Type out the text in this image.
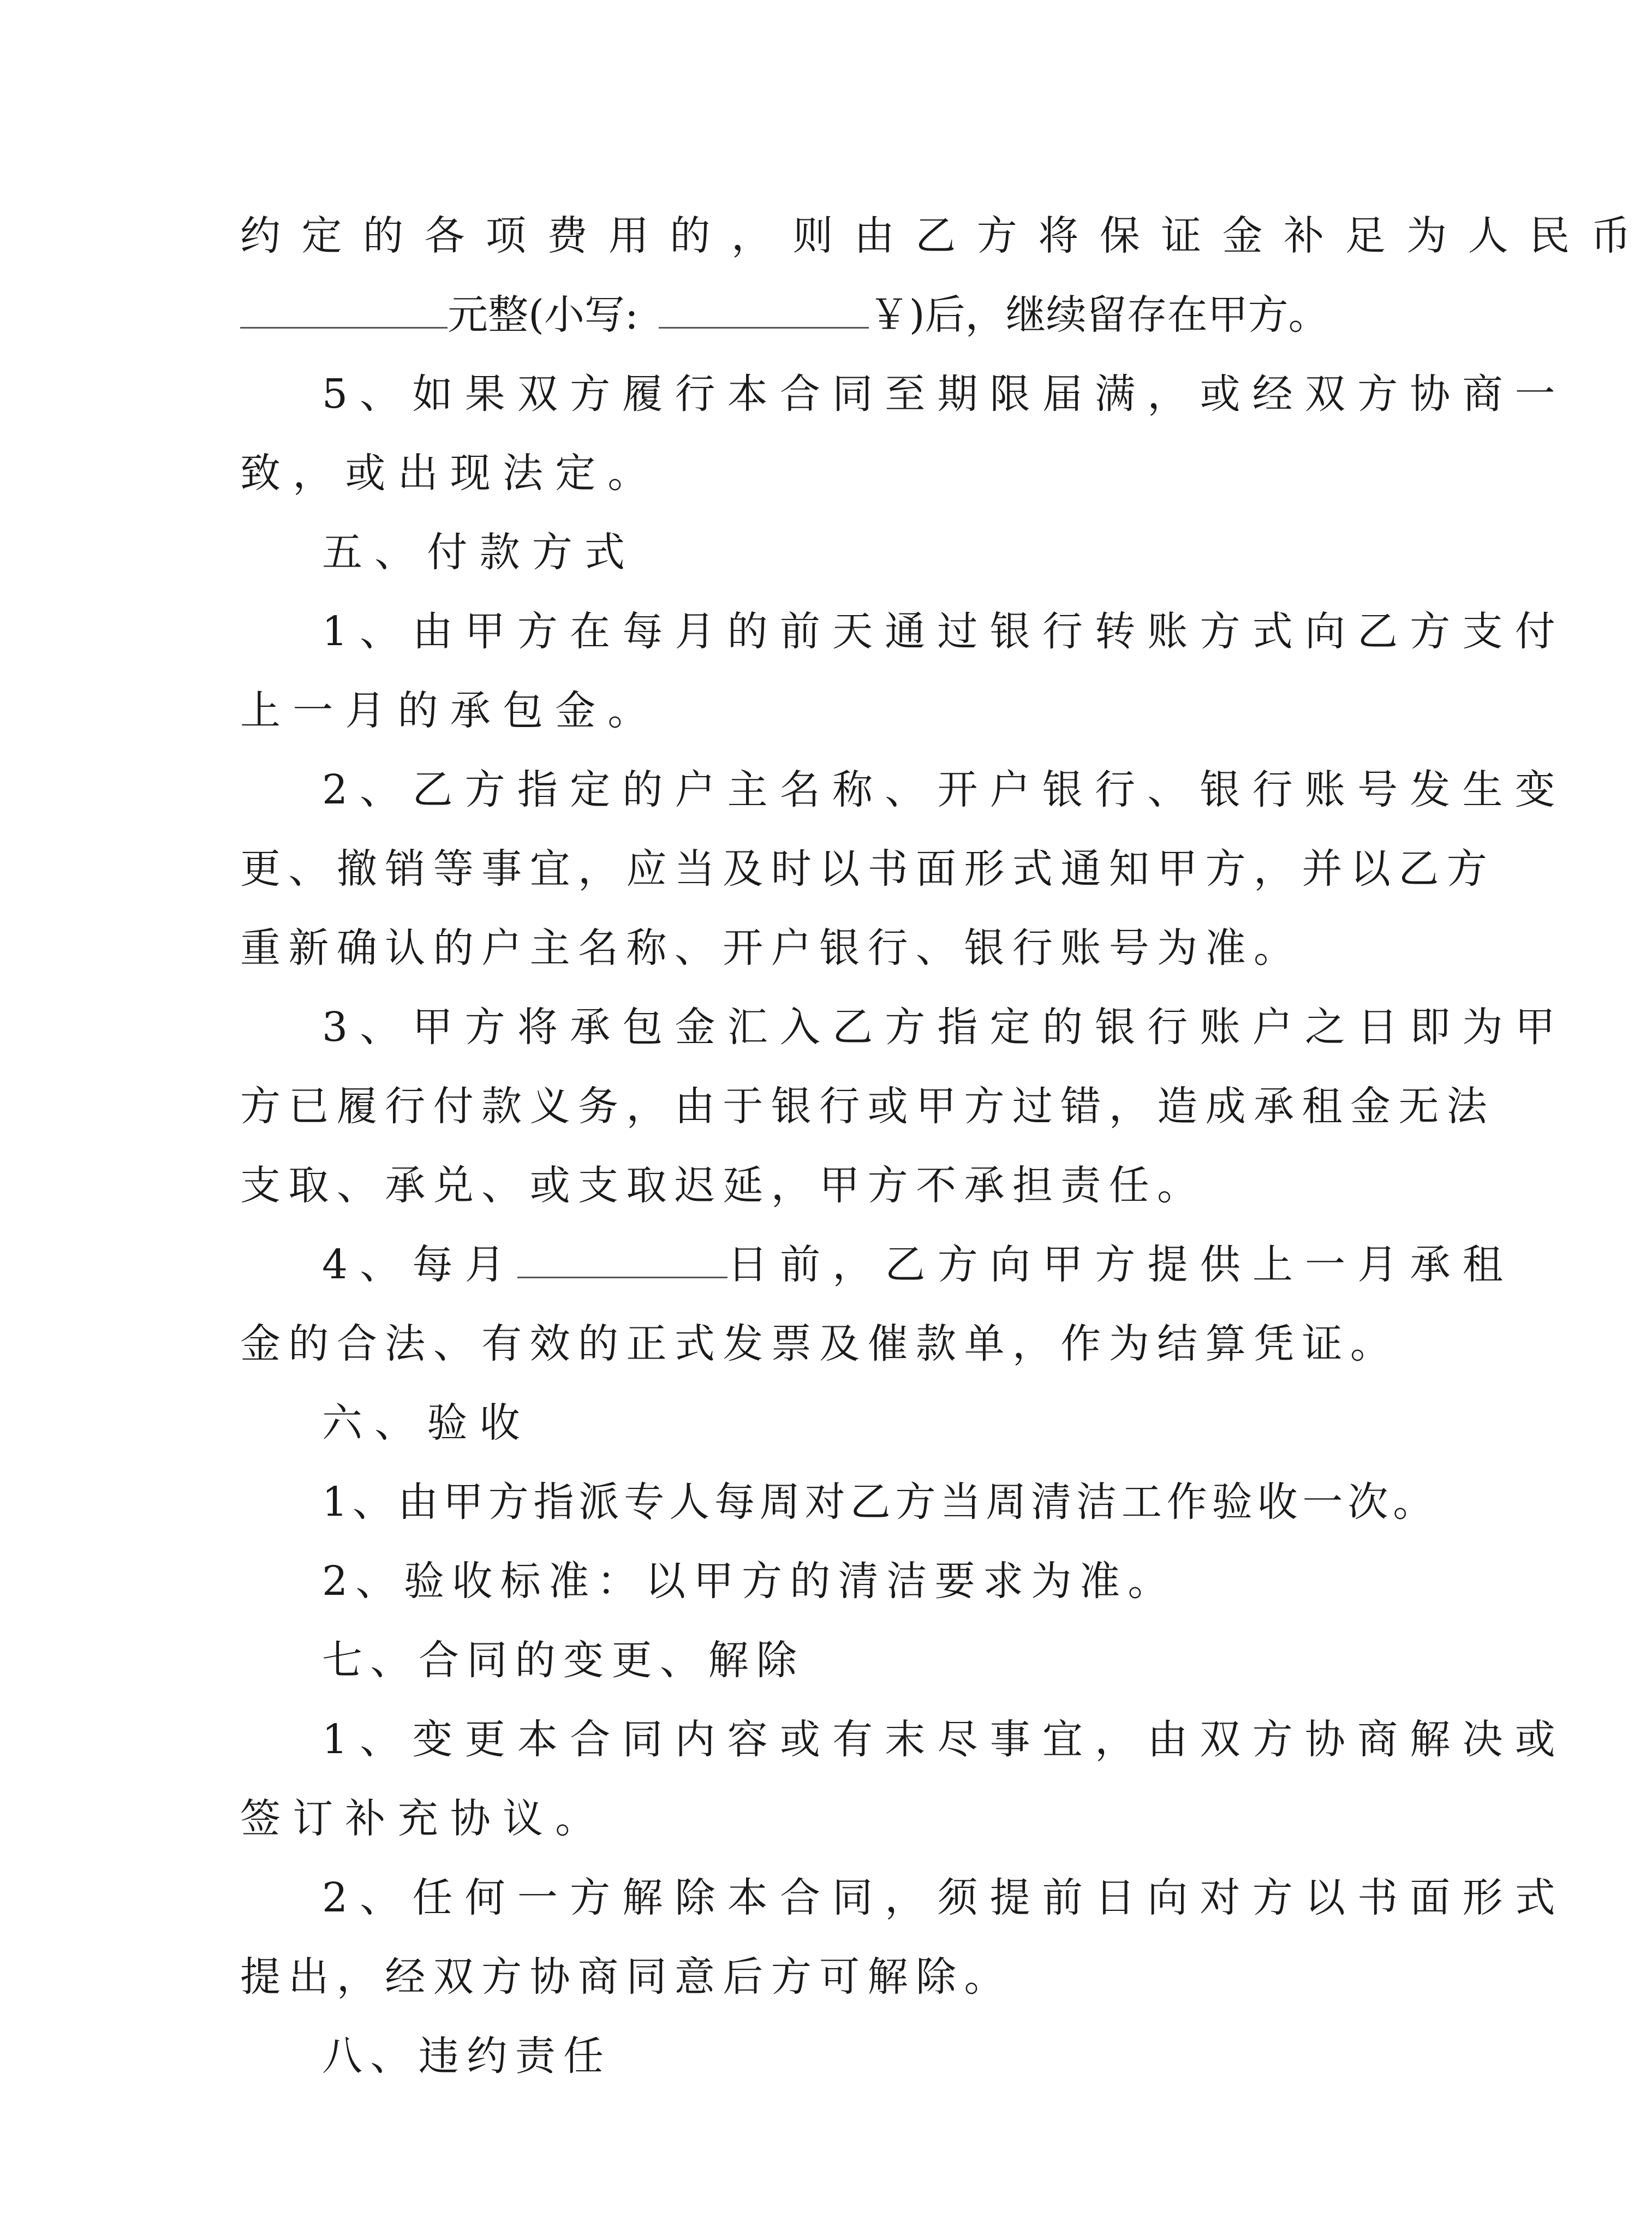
约定的各项费用的，则由乙方将保证金补足为人民币
元整(小写:	￥)后，继续留存在甲方。
5、如果双方履行本合同至期限届满，或经双方协商一
致，或出现法定。
五、付款方式
1、由甲方在每月的前天通过银行转账方式向乙方支付
上一月的承包金。
2、乙方指定的户主名称、开户银行、银行账号发生变
更、撤销等事宜，应当及时以书面形式通知甲方，并以乙方
重新确认的户主名称、开户银行、银行账号为准。
3、甲方将承包金汇入乙方指定的银行账户之日即为甲
方已履行付款义务，由于银行或甲方过错，造成承租金无法
支取、承兑、或支取迟延，甲方不承担责任。
4、每月	日前，乙方向甲方提供上一月承租
金的合法、有效的正式发票及催款单，作为结算凭证。
六、验收
1、由甲方指派专人每周对乙方当周清洁工作验收一次。
2、验收标准：以甲方的清洁要求为准。
七、合同的变更、解除
1、变更本合同内容或有末尽事宜，由双方协商解决或
签订补充协议。
2、任何一方解除本合同，须提前日向对方以书面形式
提出，经双方协商同意后方可解除。
八、违约责任
